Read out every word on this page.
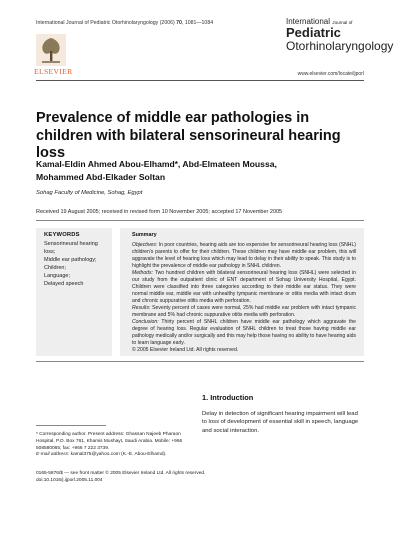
International Journal of Pediatric Otorhinolaryngology (2006) 70, 1081—1084
ELSEVIER
International Journal of
Pediatric
Otorhinolaryngology
www.elsevier.com/locate/ijporl
Prevalence of middle ear pathologies in children with bilateral sensorineural hearing loss
Kamal-Eldin Ahmed Abou-Elhamd*, Abd-Elmateen Moussa,
Mohammed Abd-Elkader Soltan
Sohag Faculty of Medicine, Sohag, Egypt
Received 19 August 2005; received in revised form 10 November 2005; accepted 17 November 2005
KEYWORDS
Sensorineural hearing loss;
Middle ear pathology;
Children;
Language;
Delayed speech
Summary

Objectives: In poor countries, hearing aids are too expensive for sensorineural hearing loss (SNHL) children's parents to offer for their children. These children may have middle ear problem, this will aggravate the level of hearing loss which may lead to delay in their ability to speak. This study is to highlight the prevalence of middle ear pathology in SNHL children.

Methods: Two hundred children with bilateral sensorineural hearing loss (SNHL) were selected in our study from the outpatient clinic of ENT department of Sohag University Hospital, Egypt. Children were classified into three categories according to their middle ear status. They were normal middle ear, middle ear with unhealthy tympanic membrane or otitis media with intact drum and chronic suppurative otitis media with perforation.

Results: Seventy percent of cases were normal, 25% had middle ear problem with intact tympanic membrane and 5% had chronic suppurative otitis media with perforation.

Conclusion: Thirty percent of SNHL children have middle ear pathology which aggravate the degree of hearing loss. Regular evaluation of SNHL children to treat those having middle ear pathology medically and/or surgically and this may help those having no ability to have hearing aids to learn language early.

© 2005 Elsevier Ireland Ltd. All rights reserved.

1. Introduction
Delay in detection of significant hearing impairment will lead to loss of development of essential skill in speech, language and social interaction.
* Corresponding author. Present address: Ghassan Najeeb Pharaon Hospital, P.O. Box 761, Khamis Mushayt, Saudi Arabia. Mobile: +966 508580065; fax: +966 7 222 3739.
E-mail address: kamal375@yahoo.com (K.-E. Abou-Elhamd).
0165-5876/$ — see front matter © 2005 Elsevier Ireland Ltd. All rights reserved.
doi:10.1016/j.ijporl.2005.11.004
